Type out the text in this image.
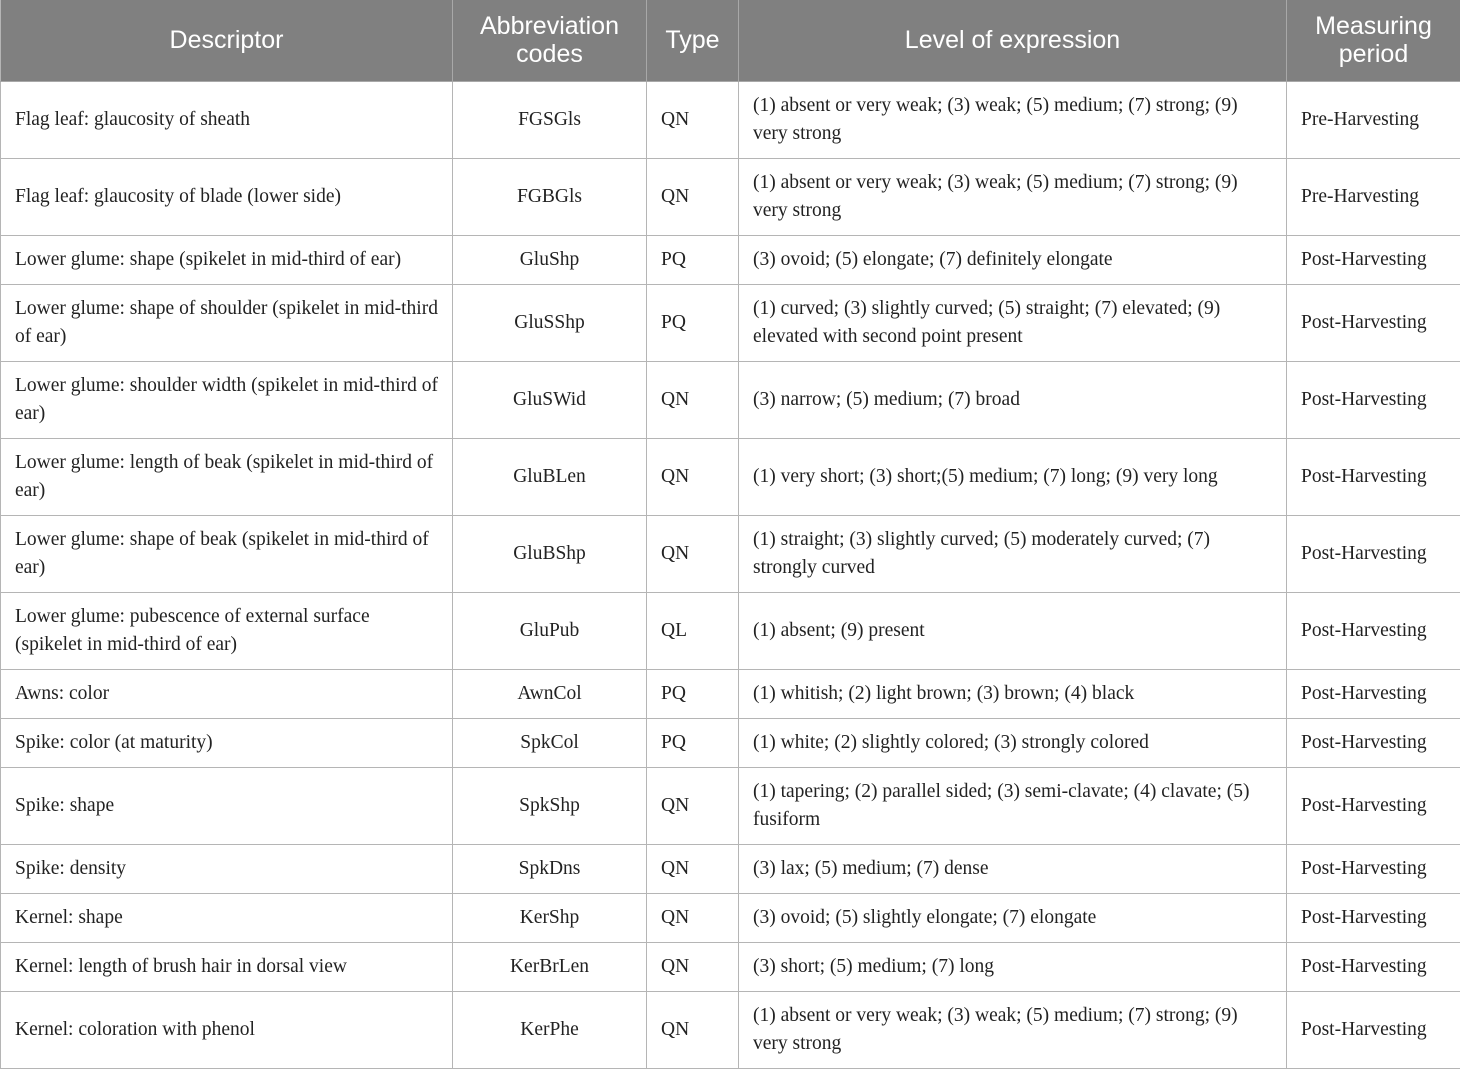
Descriptor	Abbreviation codes	Type	Level of expression	Measuring period
Flag leaf: glaucosity of sheath	FGSGls	QN	(1) absent or very weak; (3) weak; (5) medium; (7) strong; (9) very strong	Pre-Harvesting
Flag leaf: glaucosity of blade (lower side)	FGBGls	QN	(1) absent or very weak; (3) weak; (5) medium; (7) strong; (9) very strong	Pre-Harvesting
Lower glume: shape (spikelet in mid-third of ear)	GluShp	PQ	(3) ovoid; (5) elongate; (7) definitely elongate	Post-Harvesting
Lower glume: shape of shoulder (spikelet in mid-third of ear)	GluSShp	PQ	(1) curved; (3) slightly curved; (5) straight; (7) elevated; (9) elevated with second point present	Post-Harvesting
Lower glume: shoulder width (spikelet in mid-third of ear)	GluSWid	QN	(3) narrow; (5) medium; (7) broad	Post-Harvesting
Lower glume: length of beak (spikelet in mid-third of ear)	GluBLen	QN	(1) very short; (3) short;(5) medium; (7) long; (9) very long	Post-Harvesting
Lower glume: shape of beak (spikelet in mid-third of ear)	GluBShp	QN	(1) straight; (3) slightly curved; (5) moderately curved; (7) strongly curved	Post-Harvesting
Lower glume: pubescence of external surface (spikelet in mid-third of ear)	GluPub	QL	(1) absent; (9) present	Post-Harvesting
Awns: color	AwnCol	PQ	(1) whitish; (2) light brown; (3) brown; (4) black	Post-Harvesting
Spike: color (at maturity)	SpkCol	PQ	(1) white; (2) slightly colored; (3) strongly colored	Post-Harvesting
Spike: shape	SpkShp	QN	(1) tapering; (2) parallel sided; (3) semi-clavate; (4) clavate; (5) fusiform	Post-Harvesting
Spike: density	SpkDns	QN	(3) lax; (5) medium; (7) dense	Post-Harvesting
Kernel: shape	KerShp	QN	(3) ovoid; (5) slightly elongate; (7) elongate	Post-Harvesting
Kernel: length of brush hair in dorsal view	KerBrLen	QN	(3) short; (5) medium; (7) long	Post-Harvesting
Kernel: coloration with phenol	KerPhe	QN	(1) absent or very weak; (3) weak; (5) medium; (7) strong; (9) very strong	Post-Harvesting
